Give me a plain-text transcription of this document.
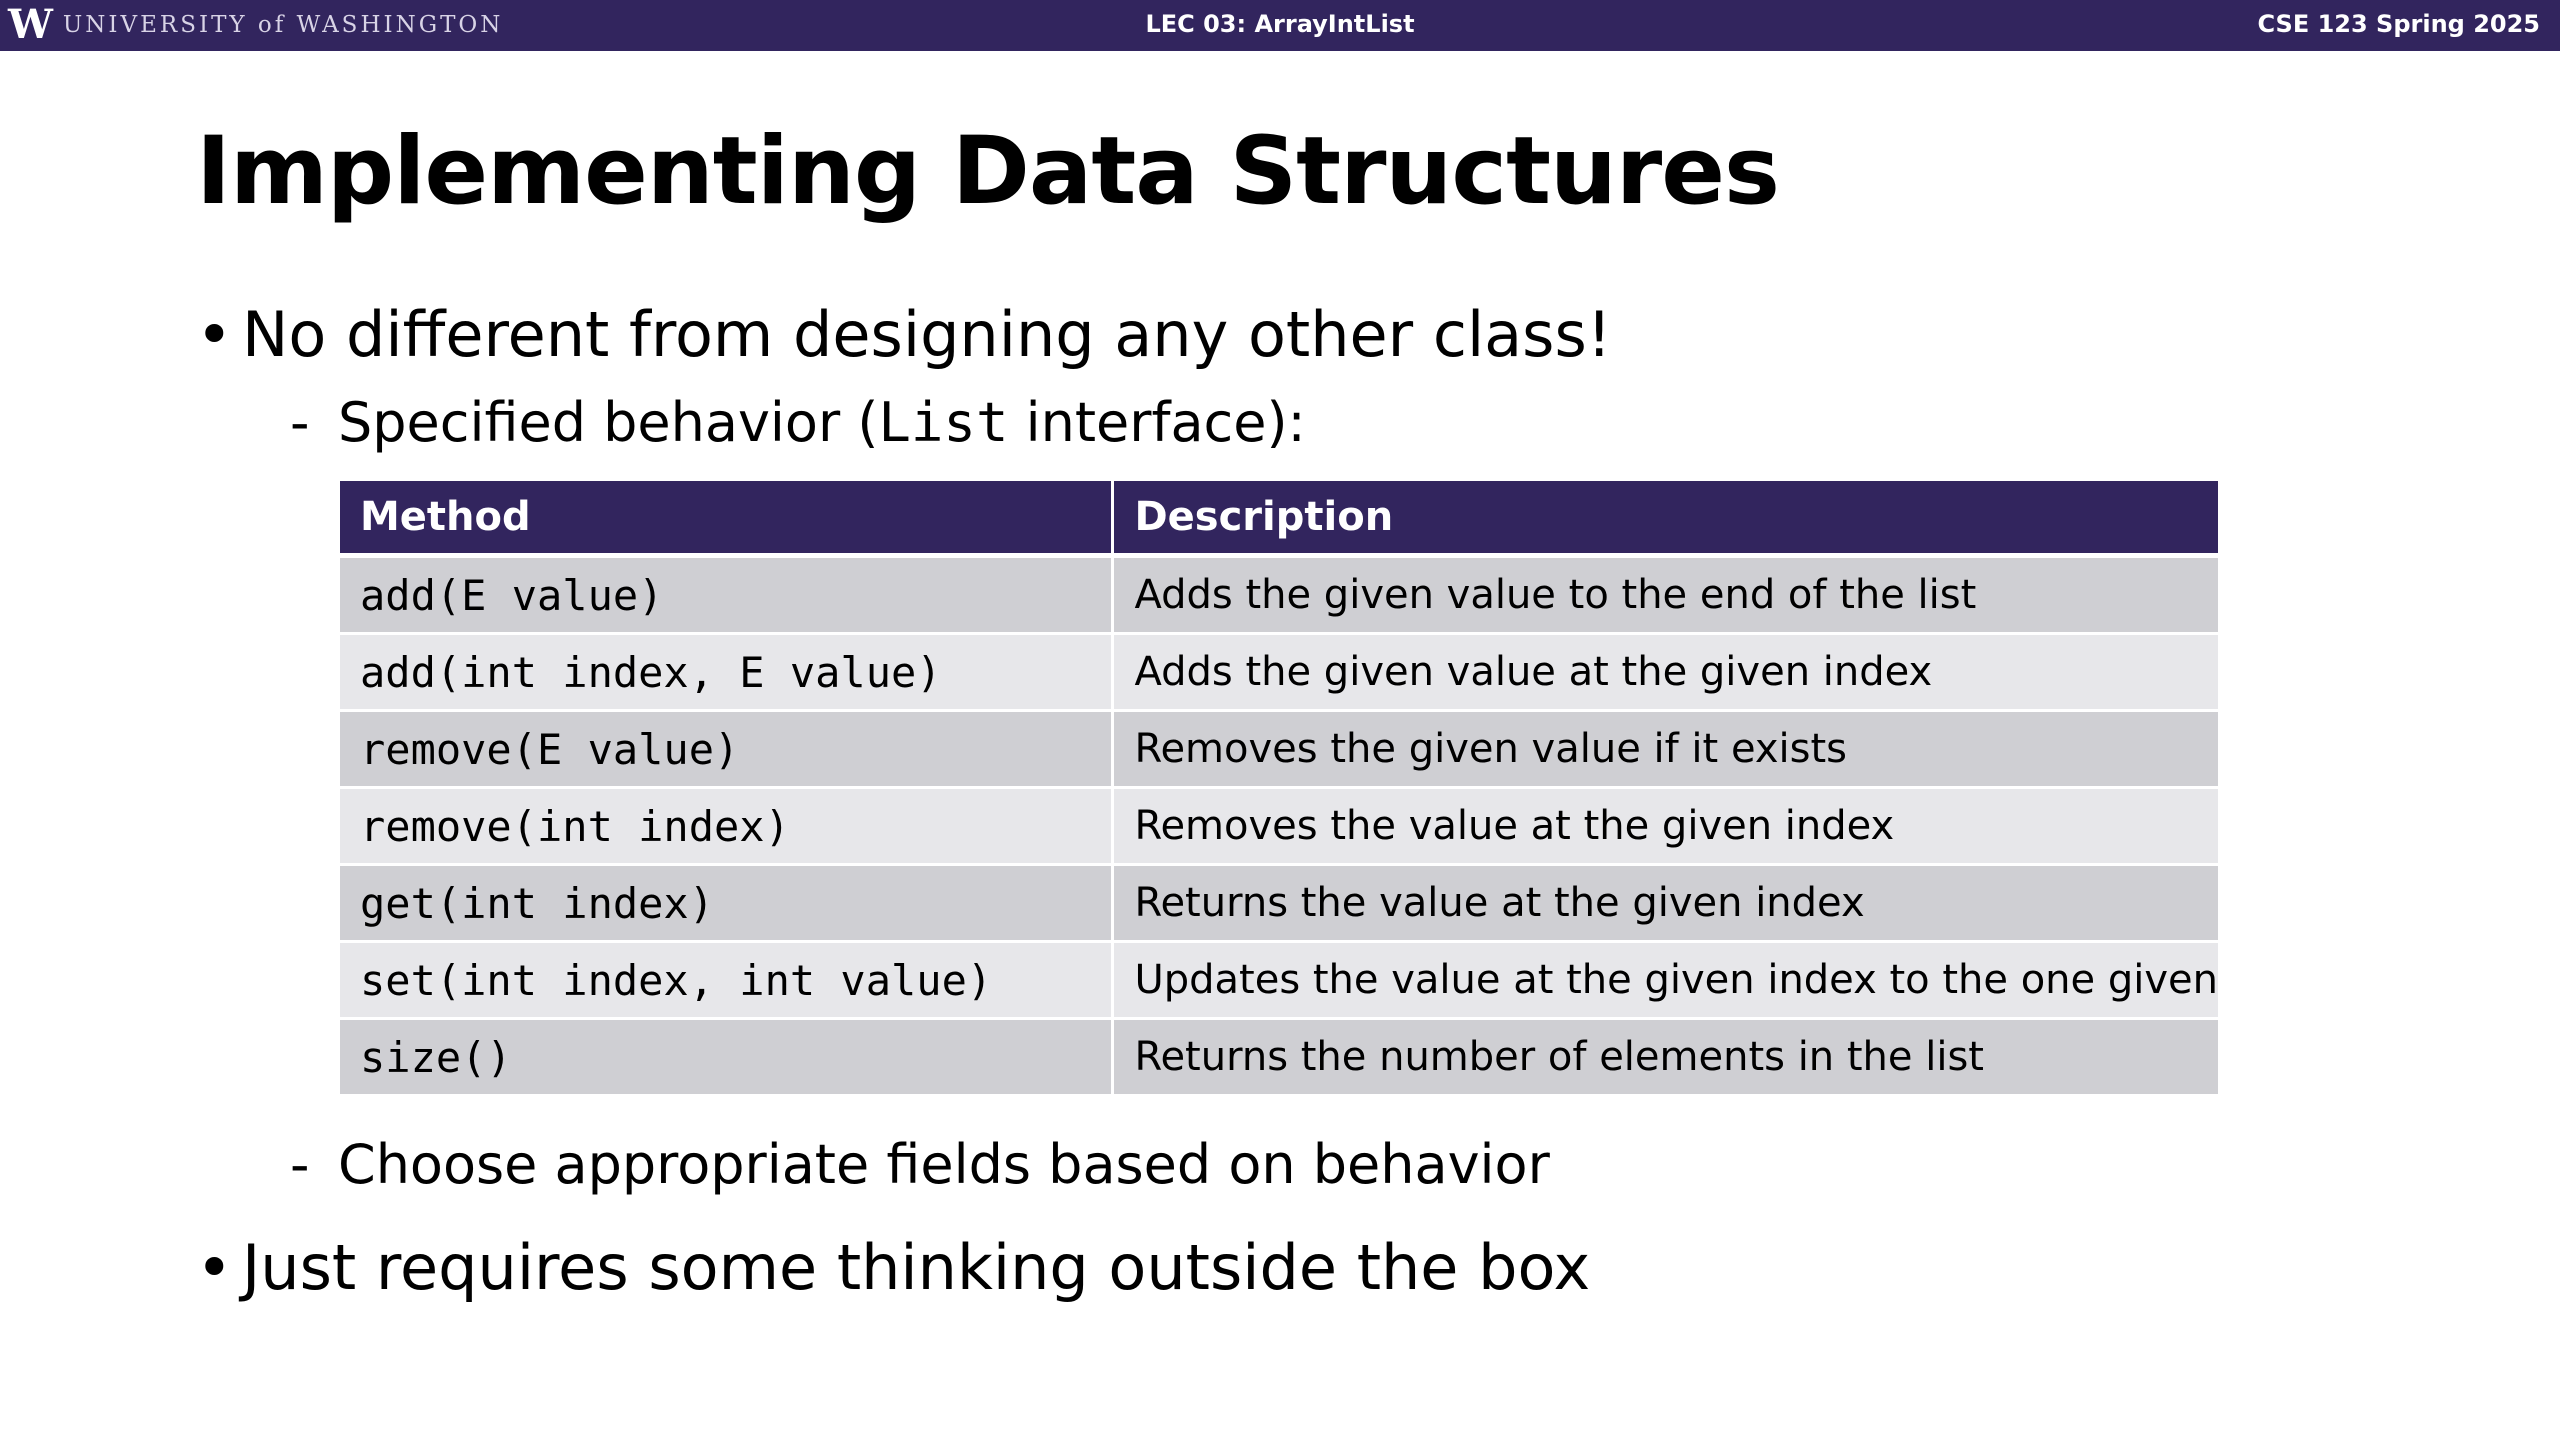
W UNIVERSITY of WASHINGTON	LEC 03: ArrayIntList	CSE 123 Spring 2025
Implementing Data Structures
• No different from designing any other class!
- Specified behavior (List interface):
Method	Description
add(E value)	Adds the given value to the end of the list
add(int index, E value)	Adds the given value at the given index
remove(E value)	Removes the given value if it exists
remove(int index)	Removes the value at the given index
get(int index)	Returns the value at the given index
set(int index, int value)	Updates the value at the given index to the one given
size()	Returns the number of elements in the list
- Choose appropriate fields based on behavior
• Just requires some thinking outside the box
